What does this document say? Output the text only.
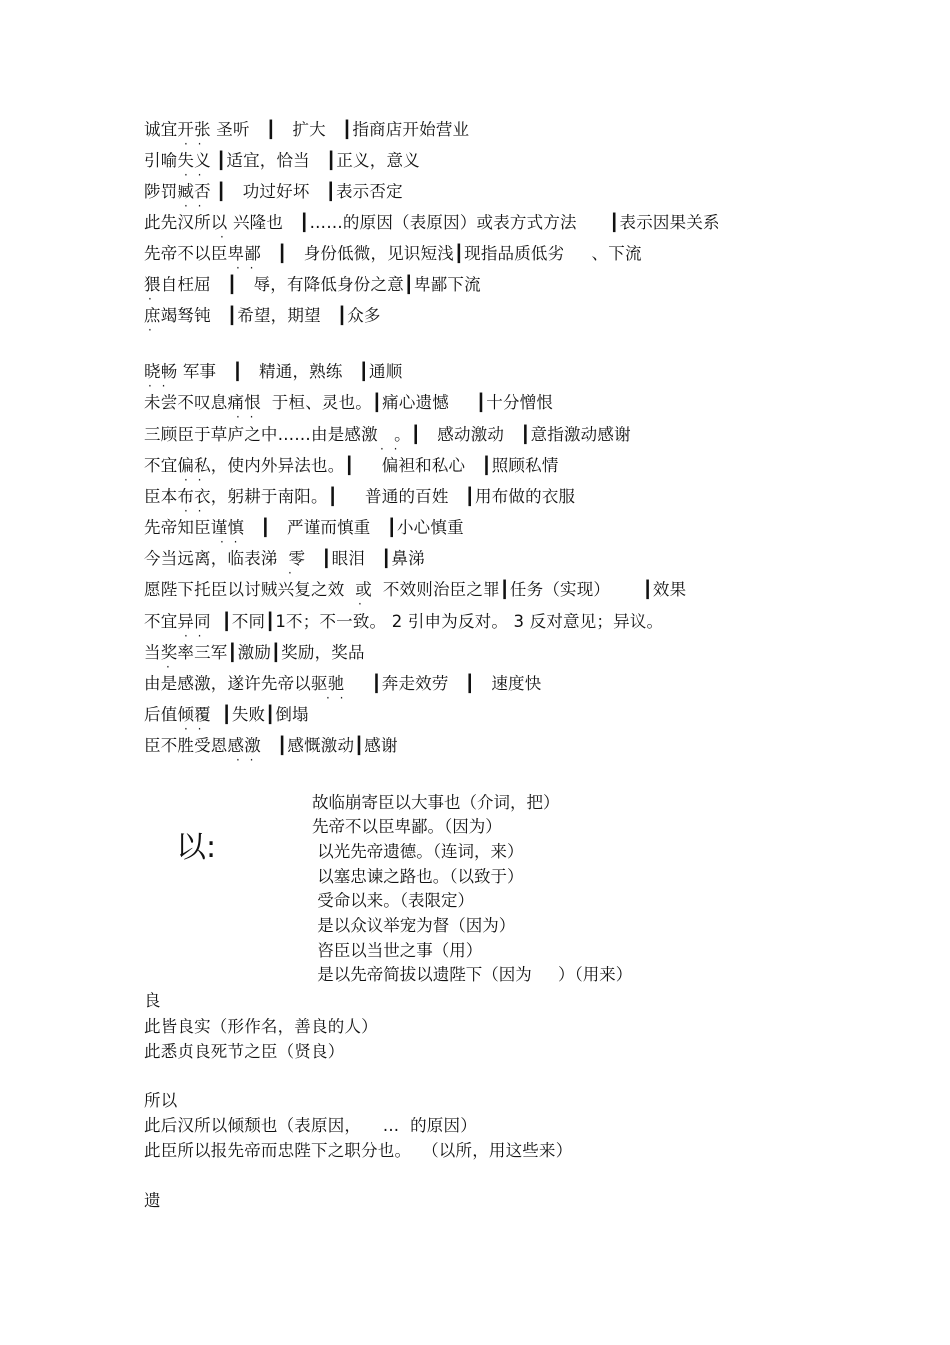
诚宜开张 圣听   ┃   扩大   ┃指商店开始营业
· ·
引喻失义 ┃适宜，恰当   ┃正义，意义
· ·
陟罚臧否 ┃   功过好坏   ┃表示否定
· ·
此先汉所以 兴隆也   ┃……的原因（表原因）或表方式方法      ┃表示因果关系
·
先帝不以臣卑鄙   ┃   身份低微，见识短浅┃现指品质低劣     、下流
· ·
猥自枉屈   ┃   辱，有降低身份之意┃卑鄙下流
·
庶竭驽钝   ┃希望，期望   ┃众多
·
晓畅 军事   ┃   精通，熟练   ┃通顺
· ·
未尝不叹息痛恨  于桓、灵也。┃痛心遗憾     ┃十分憎恨
· ·
三顾臣于草庐之中……由是感激   。┃   感动激动   ┃意指激动感谢
· ·
不宜偏私，使内外异法也。┃     偏袒和私心   ┃照顾私情
· ·
臣本布衣，躬耕于南阳。┃     普通的百姓   ┃用布做的衣服
· ·
先帝知臣谨慎   ┃   严谨而慎重   ┃小心慎重
· ·
今当远离，临表涕  零   ┃眼泪   ┃鼻涕
·
愿陛下托臣以讨贼兴复之效  或  不效则治臣之罪┃任务（实现）      ┃效果
·
不宜异同  ┃不同┃1不；不一致。 2 引申为反对。 3 反对意见；异议。
· ·
当奖率三军┃激励┃奖励，奖品
·
由是感激，遂许先帝以驱驰     ┃奔走效劳   ┃   速度快
· ·
后值倾覆  ┃失败┃倒塌
· ·
臣不胜受恩感激   ┃感慨激动┃感谢
· ·
以:
故临崩寄臣以大事也（介词，把）
先帝不以臣卑鄙。（因为）
以光先帝遗德。（连词，来）
以塞忠谏之路也。（以致于）
受命以来。（表限定）
是以众议举宠为督（因为）
咨臣以当世之事（用）
是以先帝简拔以遗陛下（因为     ）（用来）
良
此皆良实（形作名，善良的人）
此悉贞良死节之臣（贤良）
所以
此后汉所以倾颓也（表原因，    ...  的原因）
此臣所以报先帝而忠陛下之职分也。  （以所，用这些来）
遗
